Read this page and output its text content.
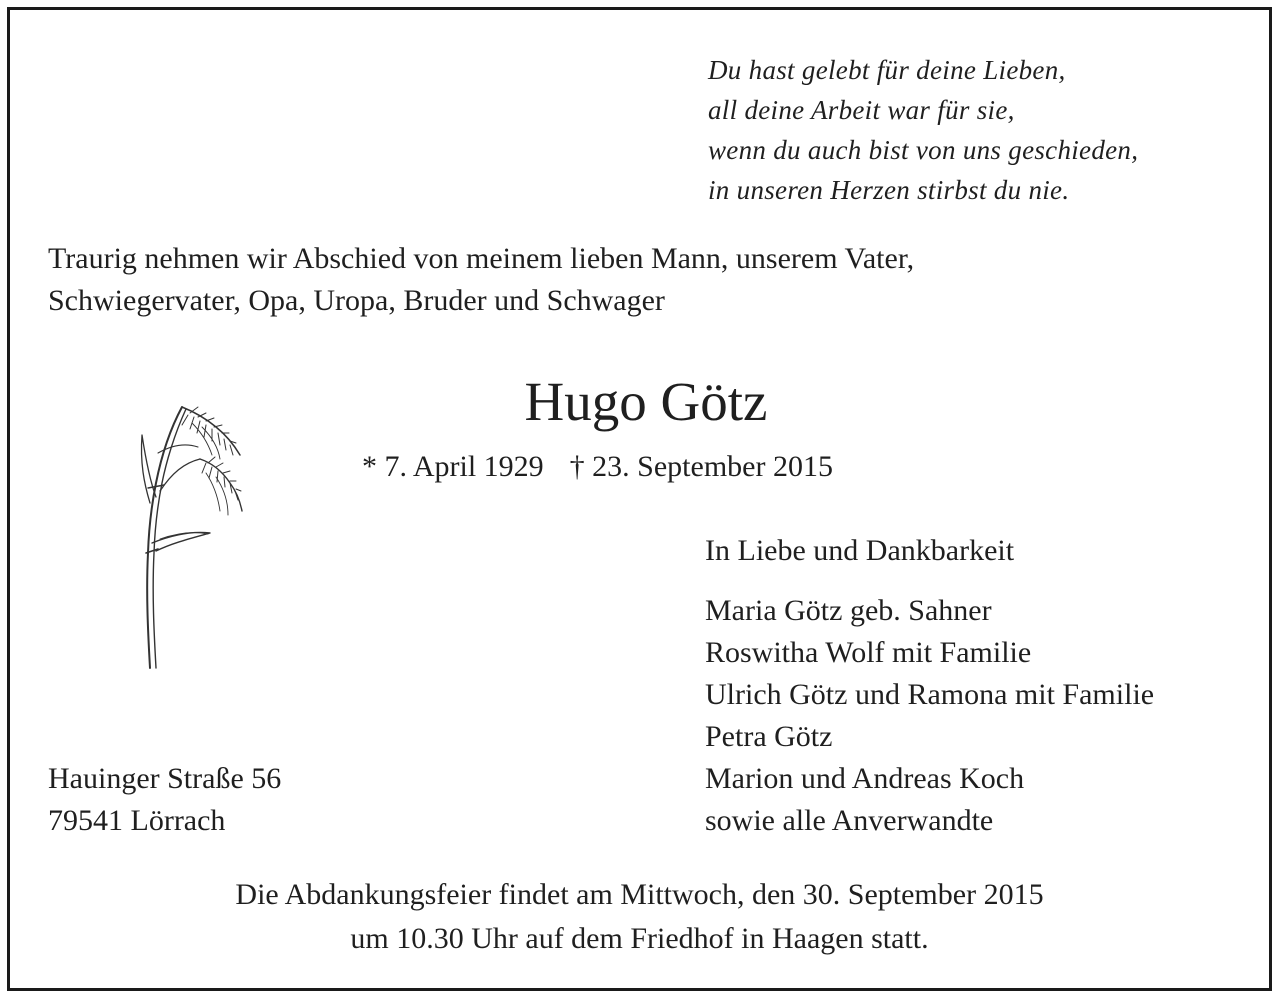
Du hast gelebt für deine Lieben,
all deine Arbeit war für sie,
wenn du auch bist von uns geschieden,
in unseren Herzen stirbst du nie.
Traurig nehmen wir Abschied von meinem lieben Mann, unserem Vater,
Schwiegervater, Opa, Uropa, Bruder und Schwager
Hugo Götz
* 7. April 1929 † 23. September 2015
In Liebe und Dankbarkeit
Maria Götz geb. Sahner
Roswitha Wolf mit Familie
Ulrich Götz und Ramona mit Familie
Petra Götz
Marion und Andreas Koch
sowie alle Anverwandte
Hauinger Straße 56
79541 Lörrach
Die Abdankungsfeier findet am Mittwoch, den 30. September 2015
um 10.30 Uhr auf dem Friedhof in Haagen statt.
